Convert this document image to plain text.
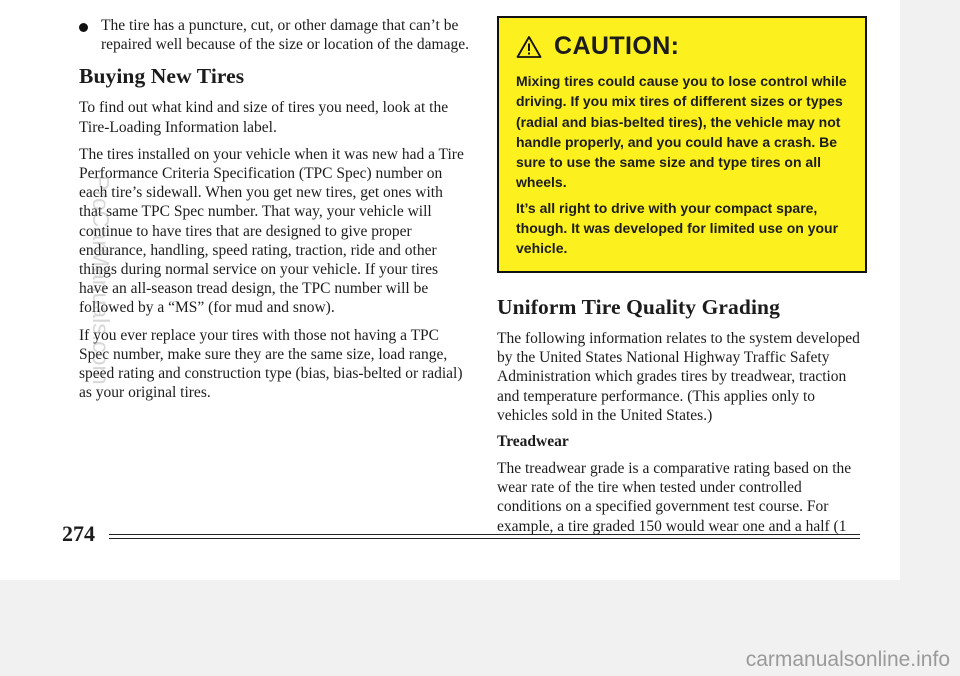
The tire has a puncture, cut, or other damage that can’t be repaired well because of the size or location of the damage.

Buying New Tires

To find out what kind and size of tires you need, look at the Tire-Loading Information label.

The tires installed on your vehicle when it was new had a Tire Performance Criteria Specification (TPC Spec) number on each tire’s sidewall. When you get new tires, get ones with that same TPC Spec number. That way, your vehicle will continue to have tires that are designed to give proper endurance, handling, speed rating, traction, ride and other things during normal service on your vehicle. If your tires have an all-season tread design, the TPC number will be followed by a “MS” (for mud and snow).

If you ever replace your tires with those not having a TPC Spec number, make sure they are the same size, load range, speed rating and construction type (bias, bias-belted or radial) as your original tires.

CAUTION:

Mixing tires could cause you to lose control while driving. If you mix tires of different sizes or types (radial and bias-belted tires), the vehicle may not handle properly, and you could have a crash. Be sure to use the same size and type tires on all wheels.

It’s all right to drive with your compact spare, though. It was developed for limited use on your vehicle.

Uniform Tire Quality Grading

The following information relates to the system developed by the United States National Highway Traffic Safety Administration which grades tires by treadwear, traction and temperature performance. (This applies only to vehicles sold in the United States.)

Treadwear

The treadwear grade is a comparative rating based on the wear rate of the tire when tested under controlled conditions on a specified government test course. For example, a tire graded 150 would wear one and a half (1

274
ProCarManuals.com
carmanualsonline.info
